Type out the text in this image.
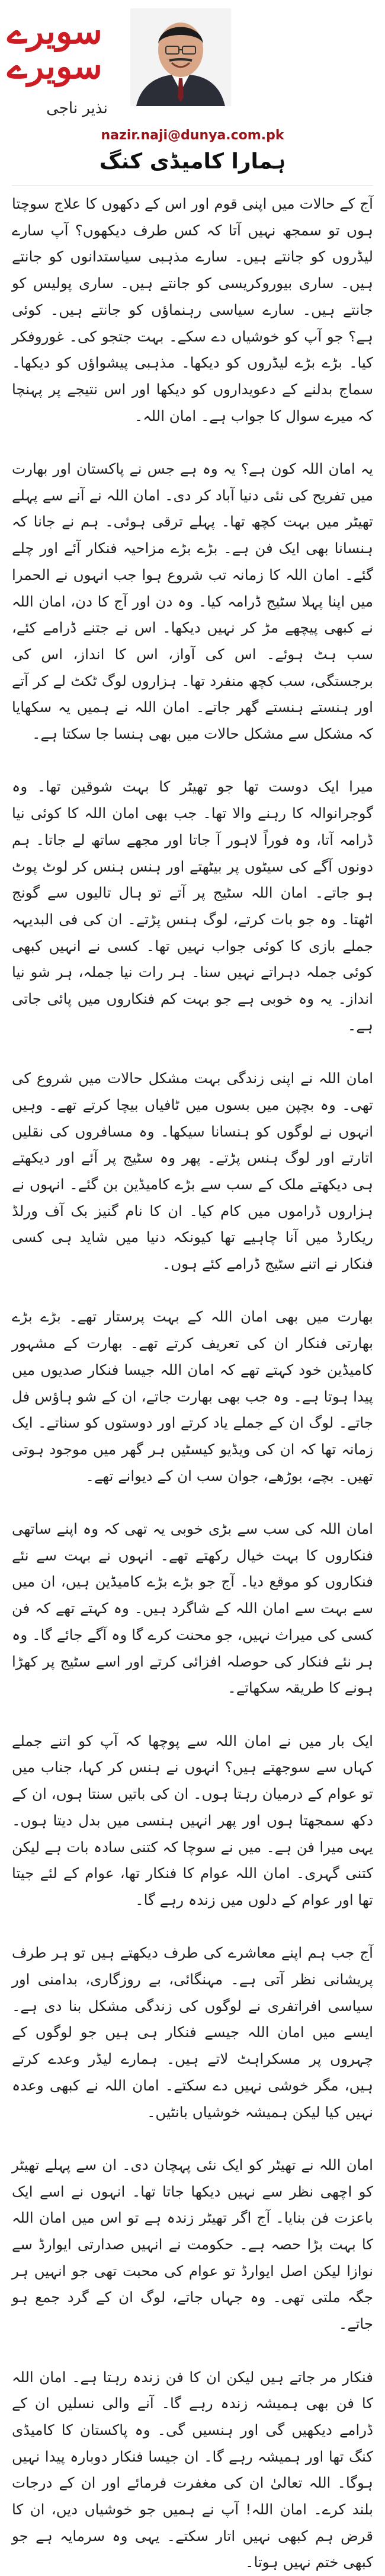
سویرے سویرے
نذیر ناجی
nazir.naji@dunya.com.pk
ہمارا کامیڈی کنگ

آج کے حالات میں اپنی قوم اور اس کے دکھوں کا علاج سوچتا ہوں تو سمجھ نہیں آتا کہ کس طرف دیکھوں؟ آپ سارے لیڈروں کو جانتے ہیں۔ سارے مذہبی سیاستدانوں کو جانتے ہیں۔ ساری بیوروکریسی کو جانتے ہیں۔ ساری پولیس کو جانتے ہیں۔ سارے سیاسی رہنماؤں کو جانتے ہیں۔ کوئی ہے؟ جو آپ کو خوشیاں دے سکے۔ بہت جتجو کی۔ غوروفکر کیا۔ بڑے بڑے لیڈروں کو دیکھا۔ مذہبی پیشواؤں کو دیکھا۔ سماج بدلنے کے دعویداروں کو دیکھا اور اس نتیجے پر پہنچا کہ میرے سوال کا جواب ہے۔ امان اللہ۔

یہ امان اللہ کون ہے؟ یہ وہ ہے جس نے پاکستان اور بھارت میں تفریح کی نئی دنیا آباد کر دی۔ امان اللہ نے آنے سے پہلے تھیٹر میں بہت کچھ تھا۔ پہلے ترقی ہوئی۔ ہم نے جانا کہ ہنسانا بھی ایک فن ہے۔ بڑے بڑے مزاحیہ فنکار آئے اور چلے گئے۔ امان اللہ کا زمانہ تب شروع ہوا جب انہوں نے الحمرا میں اپنا پہلا سٹیج ڈرامہ کیا۔ وہ دن اور آج کا دن، امان اللہ نے کبھی پیچھے مڑ کر نہیں دیکھا۔ اس نے جتنے ڈرامے کئے، سب ہٹ ہوئے۔ اس کی آواز، اس کا انداز، اس کی برجستگی، سب کچھ منفرد تھا۔ ہزاروں لوگ ٹکٹ لے کر آتے اور ہنستے ہنستے گھر جاتے۔ امان اللہ نے ہمیں یہ سکھایا کہ مشکل سے مشکل حالات میں بھی ہنسا جا سکتا ہے۔

میرا ایک دوست تھا جو تھیٹر کا بہت شوقین تھا۔ وہ گوجرانوالہ کا رہنے والا تھا۔ جب بھی امان اللہ کا کوئی نیا ڈرامہ آتا، وہ فوراً لاہور آ جاتا اور مجھے ساتھ لے جاتا۔ ہم دونوں آگے کی سیٹوں پر بیٹھتے اور ہنس ہنس کر لوٹ پوٹ ہو جاتے۔ امان اللہ سٹیج پر آتے تو ہال تالیوں سے گونج اٹھتا۔ وہ جو بات کرتے، لوگ ہنس پڑتے۔ ان کی فی البدیہہ جملے بازی کا کوئی جواب نہیں تھا۔ کسی نے انہیں کبھی کوئی جملہ دہراتے نہیں سنا۔ ہر رات نیا جملہ، ہر شو نیا انداز۔ یہ وہ خوبی ہے جو بہت کم فنکاروں میں پائی جاتی ہے۔

امان اللہ نے اپنی زندگی بہت مشکل حالات میں شروع کی تھی۔ وہ بچپن میں بسوں میں ٹافیاں بیچا کرتے تھے۔ وہیں انہوں نے لوگوں کو ہنسانا سیکھا۔ وہ مسافروں کی نقلیں اتارتے اور لوگ ہنس پڑتے۔ پھر وہ سٹیج پر آئے اور دیکھتے ہی دیکھتے ملک کے سب سے بڑے کامیڈین بن گئے۔ انہوں نے ہزاروں ڈراموں میں کام کیا۔ ان کا نام گنیز بک آف ورلڈ ریکارڈ میں آنا چاہیے تھا کیونکہ دنیا میں شاید ہی کسی فنکار نے اتنے سٹیج ڈرامے کئے ہوں۔

بھارت میں بھی امان اللہ کے بہت پرستار تھے۔ بڑے بڑے بھارتی فنکار ان کی تعریف کرتے تھے۔ بھارت کے مشہور کامیڈین خود کہتے تھے کہ امان اللہ جیسا فنکار صدیوں میں پیدا ہوتا ہے۔ وہ جب بھی بھارت جاتے، ان کے شو ہاؤس فل جاتے۔ لوگ ان کے جملے یاد کرتے اور دوستوں کو سناتے۔ ایک زمانہ تھا کہ ان کی ویڈیو کیسٹیں ہر گھر میں موجود ہوتی تھیں۔ بچے، بوڑھے، جوان سب ان کے دیوانے تھے۔

امان اللہ کی سب سے بڑی خوبی یہ تھی کہ وہ اپنے ساتھی فنکاروں کا بہت خیال رکھتے تھے۔ انہوں نے بہت سے نئے فنکاروں کو موقع دیا۔ آج جو بڑے بڑے کامیڈین ہیں، ان میں سے بہت سے امان اللہ کے شاگرد ہیں۔ وہ کہتے تھے کہ فن کسی کی میراث نہیں، جو محنت کرے گا وہ آگے جائے گا۔ وہ ہر نئے فنکار کی حوصلہ افزائی کرتے اور اسے سٹیج پر کھڑا ہونے کا طریقہ سکھاتے۔

ایک بار میں نے امان اللہ سے پوچھا کہ آپ کو اتنے جملے کہاں سے سوجھتے ہیں؟ انہوں نے ہنس کر کہا، جناب میں تو عوام کے درمیان رہتا ہوں۔ ان کی باتیں سنتا ہوں، ان کے دکھ سمجھتا ہوں اور پھر انہیں ہنسی میں بدل دیتا ہوں۔ یہی میرا فن ہے۔ میں نے سوچا کہ کتنی سادہ بات ہے لیکن کتنی گہری۔ امان اللہ عوام کا فنکار تھا، عوام کے لئے جیتا تھا اور عوام کے دلوں میں زندہ رہے گا۔

آج جب ہم اپنے معاشرے کی طرف دیکھتے ہیں تو ہر طرف پریشانی نظر آتی ہے۔ مہنگائی، بے روزگاری، بدامنی اور سیاسی افراتفری نے لوگوں کی زندگی مشکل بنا دی ہے۔ ایسے میں امان اللہ جیسے فنکار ہی ہیں جو لوگوں کے چہروں پر مسکراہٹ لاتے ہیں۔ ہمارے لیڈر وعدے کرتے ہیں، مگر خوشی نہیں دے سکتے۔ امان اللہ نے کبھی وعدہ نہیں کیا لیکن ہمیشہ خوشیاں بانٹیں۔

امان اللہ نے تھیٹر کو ایک نئی پہچان دی۔ ان سے پہلے تھیٹر کو اچھی نظر سے نہیں دیکھا جاتا تھا۔ انہوں نے اسے ایک باعزت فن بنایا۔ آج اگر تھیٹر زندہ ہے تو اس میں امان اللہ کا بہت بڑا حصہ ہے۔ حکومت نے انہیں صدارتی ایوارڈ سے نوازا لیکن اصل ایوارڈ تو عوام کی محبت تھی جو انہیں ہر جگہ ملتی تھی۔ وہ جہاں جاتے، لوگ ان کے گرد جمع ہو جاتے۔

فنکار مر جاتے ہیں لیکن ان کا فن زندہ رہتا ہے۔ امان اللہ کا فن بھی ہمیشہ زندہ رہے گا۔ آنے والی نسلیں ان کے ڈرامے دیکھیں گی اور ہنسیں گی۔ وہ پاکستان کا کامیڈی کنگ تھا اور ہمیشہ رہے گا۔ ان جیسا فنکار دوبارہ پیدا نہیں ہوگا۔ اللہ تعالیٰ ان کی مغفرت فرمائے اور ان کے درجات بلند کرے۔ امان اللہ! آپ نے ہمیں جو خوشیاں دیں، ان کا قرض ہم کبھی نہیں اتار سکتے۔ یہی وہ سرمایہ ہے جو کبھی ختم نہیں ہوتا۔
